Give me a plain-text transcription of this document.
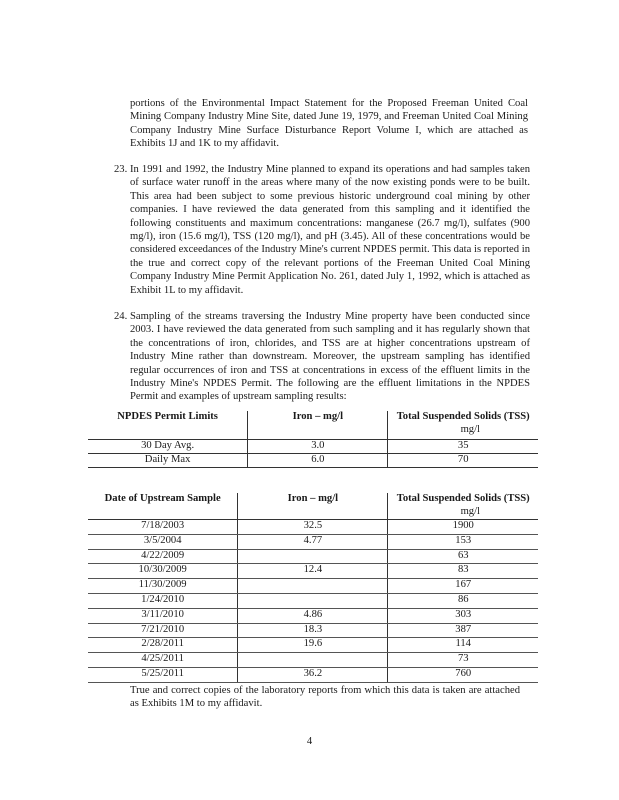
portions of the Environmental Impact Statement for the Proposed Freeman United Coal Mining Company Industry Mine Site, dated June 19, 1979, and Freeman United Coal Mining Company Industry Mine Surface Disturbance Report Volume I, which are attached as Exhibits 1J and 1K to my affidavit.

23. In 1991 and 1992, the Industry Mine planned to expand its operations and had samples taken of surface water runoff in the areas where many of the now existing ponds were to be built. This area had been subject to some previous historic underground coal mining by other companies. I have reviewed the data generated from this sampling and it identified the following constituents and maximum concentrations: manganese (26.7 mg/l), sulfates (900 mg/l), iron (15.6 mg/l), TSS (120 mg/l), and pH (3.45). All of these concentrations would be considered exceedances of the Industry Mine's current NPDES permit. This data is reported in the true and correct copy of the relevant portions of the Freeman United Coal Mining Company Industry Mine Permit Application No. 261, dated July 1, 1992, which is attached as Exhibit 1L to my affidavit.

24. Sampling of the streams traversing the Industry Mine property have been conducted since 2003. I have reviewed the data generated from such sampling and it has regularly shown that the concentrations of iron, chlorides, and TSS are at higher concentrations upstream of Industry Mine rather than downstream. Moreover, the upstream sampling has identified regular occurrences of iron and TSS at concentrations in excess of the effluent limits in the Industry Mine's NPDES Permit. The following are the effluent limitations in the NPDES Permit and examples of upstream sampling results:

NPDES Permit Limits	Iron – mg/l	Total Suspended Solids (TSS)
mg/l

30 Day Avg.	3.0	35
Daily Max	6.0	70
Date of Upstream Sample	Iron – mg/l	Total Suspended Solids (TSS)
mg/l

7/18/2003	32.5	1900
3/5/2004	4.77	153
4/22/2009		63
10/30/2009	12.4	83
11/30/2009		167
1/24/2010		86
3/11/2010	4.86	303
7/21/2010	18.3	387
2/28/2011	19.6	114
4/25/2011		73
5/25/2011	36.2	760

True and correct copies of the laboratory reports from which this data is taken are attached as Exhibits 1M to my affidavit.

4
